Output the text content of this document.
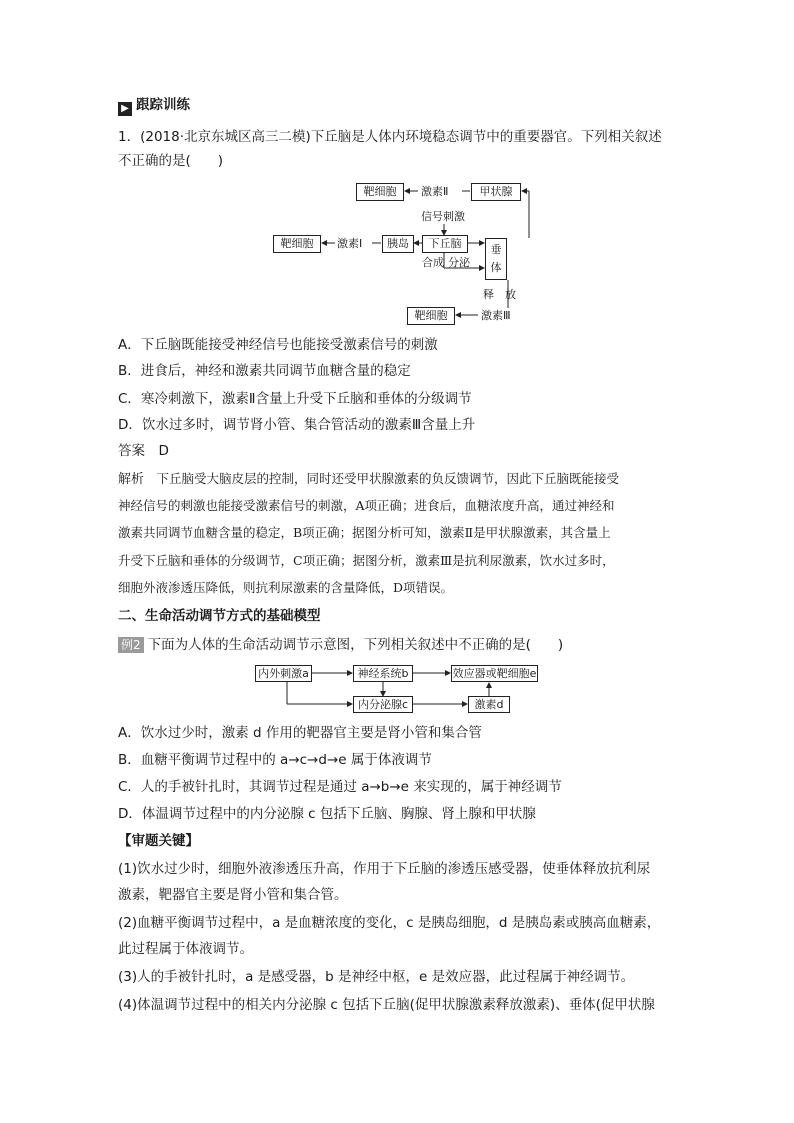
▶ 跟踪训练
1．(2018·北京东城区高三二模)下丘脑是人体内环境稳态调节中的重要器官。下列相关叙述
不正确的是(　　)
靶细胞	激素Ⅱ	甲状腺
信号刺激
靶细胞	激素Ⅰ	胰岛	下丘脑	垂
体
合成 分泌
释　放
靶细胞	激素Ⅲ
A．下丘脑既能接受神经信号也能接受激素信号的刺激
B．进食后，神经和激素共同调节血糖含量的稳定
C．寒冷刺激下，激素Ⅱ含量上升受下丘脑和垂体的分级调节
D．饮水过多时，调节肾小管、集合管活动的激素Ⅲ含量上升
答案　 D
解析　 下丘脑受大脑皮层的控制，同时还受甲状腺激素的负反馈调节，因此下丘脑既能接受
神经信号的刺激也能接受激素信号的刺激，A项正确；进食后，血糖浓度升高，通过神经和
激素共同调节血糖含量的稳定，B项正确；据图分析可知，激素Ⅱ是甲状腺激素，其含量上
升受下丘脑和垂体的分级调节，C项正确；据图分析，激素Ⅲ是抗利尿激素，饮水过多时，
细胞外液渗透压降低，则抗利尿激素的含量降低，D项错误。
二、生命活动调节方式的基础模型
例2 下面为人体的生命活动调节示意图，下列相关叙述中不正确的是(　　)
内外刺激a	神经系统b	效应器或靶细胞e
内分泌腺c	激素d
A．饮水过少时，激素 d 作用的靶器官主要是肾小管和集合管
B．血糖平衡调节过程中的 a→c→d→e 属于体液调节
C．人的手被针扎时，其调节过程是通过 a→b→e 来实现的，属于神经调节
D．体温调节过程中的内分泌腺 c 包括下丘脑、胸腺、肾上腺和甲状腺
【审题关键】
(1)饮水过少时，细胞外液渗透压升高，作用于下丘脑的渗透压感受器，使垂体释放抗利尿
激素，靶器官主要是肾小管和集合管。
(2)血糖平衡调节过程中，a 是血糖浓度的变化，c 是胰岛细胞，d 是胰岛素或胰高血糖素，
此过程属于体液调节。
(3)人的手被针扎时，a 是感受器，b 是神经中枢，e 是效应器，此过程属于神经调节。
(4)体温调节过程中的相关内分泌腺 c 包括下丘脑(促甲状腺激素释放激素)、垂体(促甲状腺
